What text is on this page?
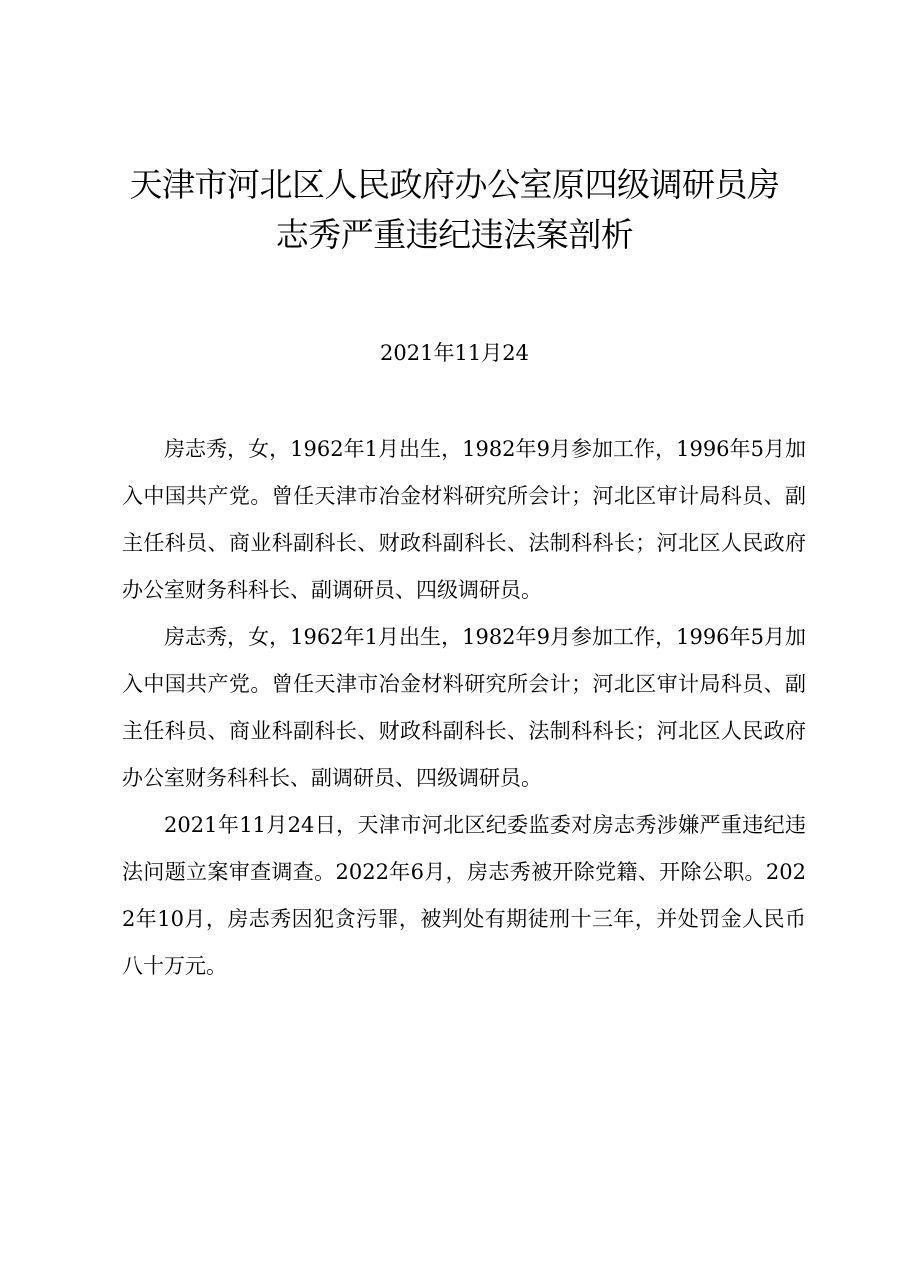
天津市河北区人民政府办公室原四级调研员房
志秀严重违纪违法案剖析
2021年11月24

房志秀，女，1962年1月出生，1982年9月参加工作，1996年5月加入中国共产党。曾任天津市冶金材料研究所会计；河北区审计局科员、副主任科员、商业科副科长、财政科副科长、法制科科长；河北区人民政府办公室财务科科长、副调研员、四级调研员。

房志秀，女，1962年1月出生，1982年9月参加工作，1996年5月加入中国共产党。曾任天津市冶金材料研究所会计；河北区审计局科员、副主任科员、商业科副科长、财政科副科长、法制科科长；河北区人民政府办公室财务科科长、副调研员、四级调研员。

2021年11月24日，天津市河北区纪委监委对房志秀涉嫌严重违纪违法问题立案审查调查。2022年6月，房志秀被开除党籍、开除公职。2022年10月，房志秀因犯贪污罪，被判处有期徒刑十三年，并处罚金人民币八十万元。
